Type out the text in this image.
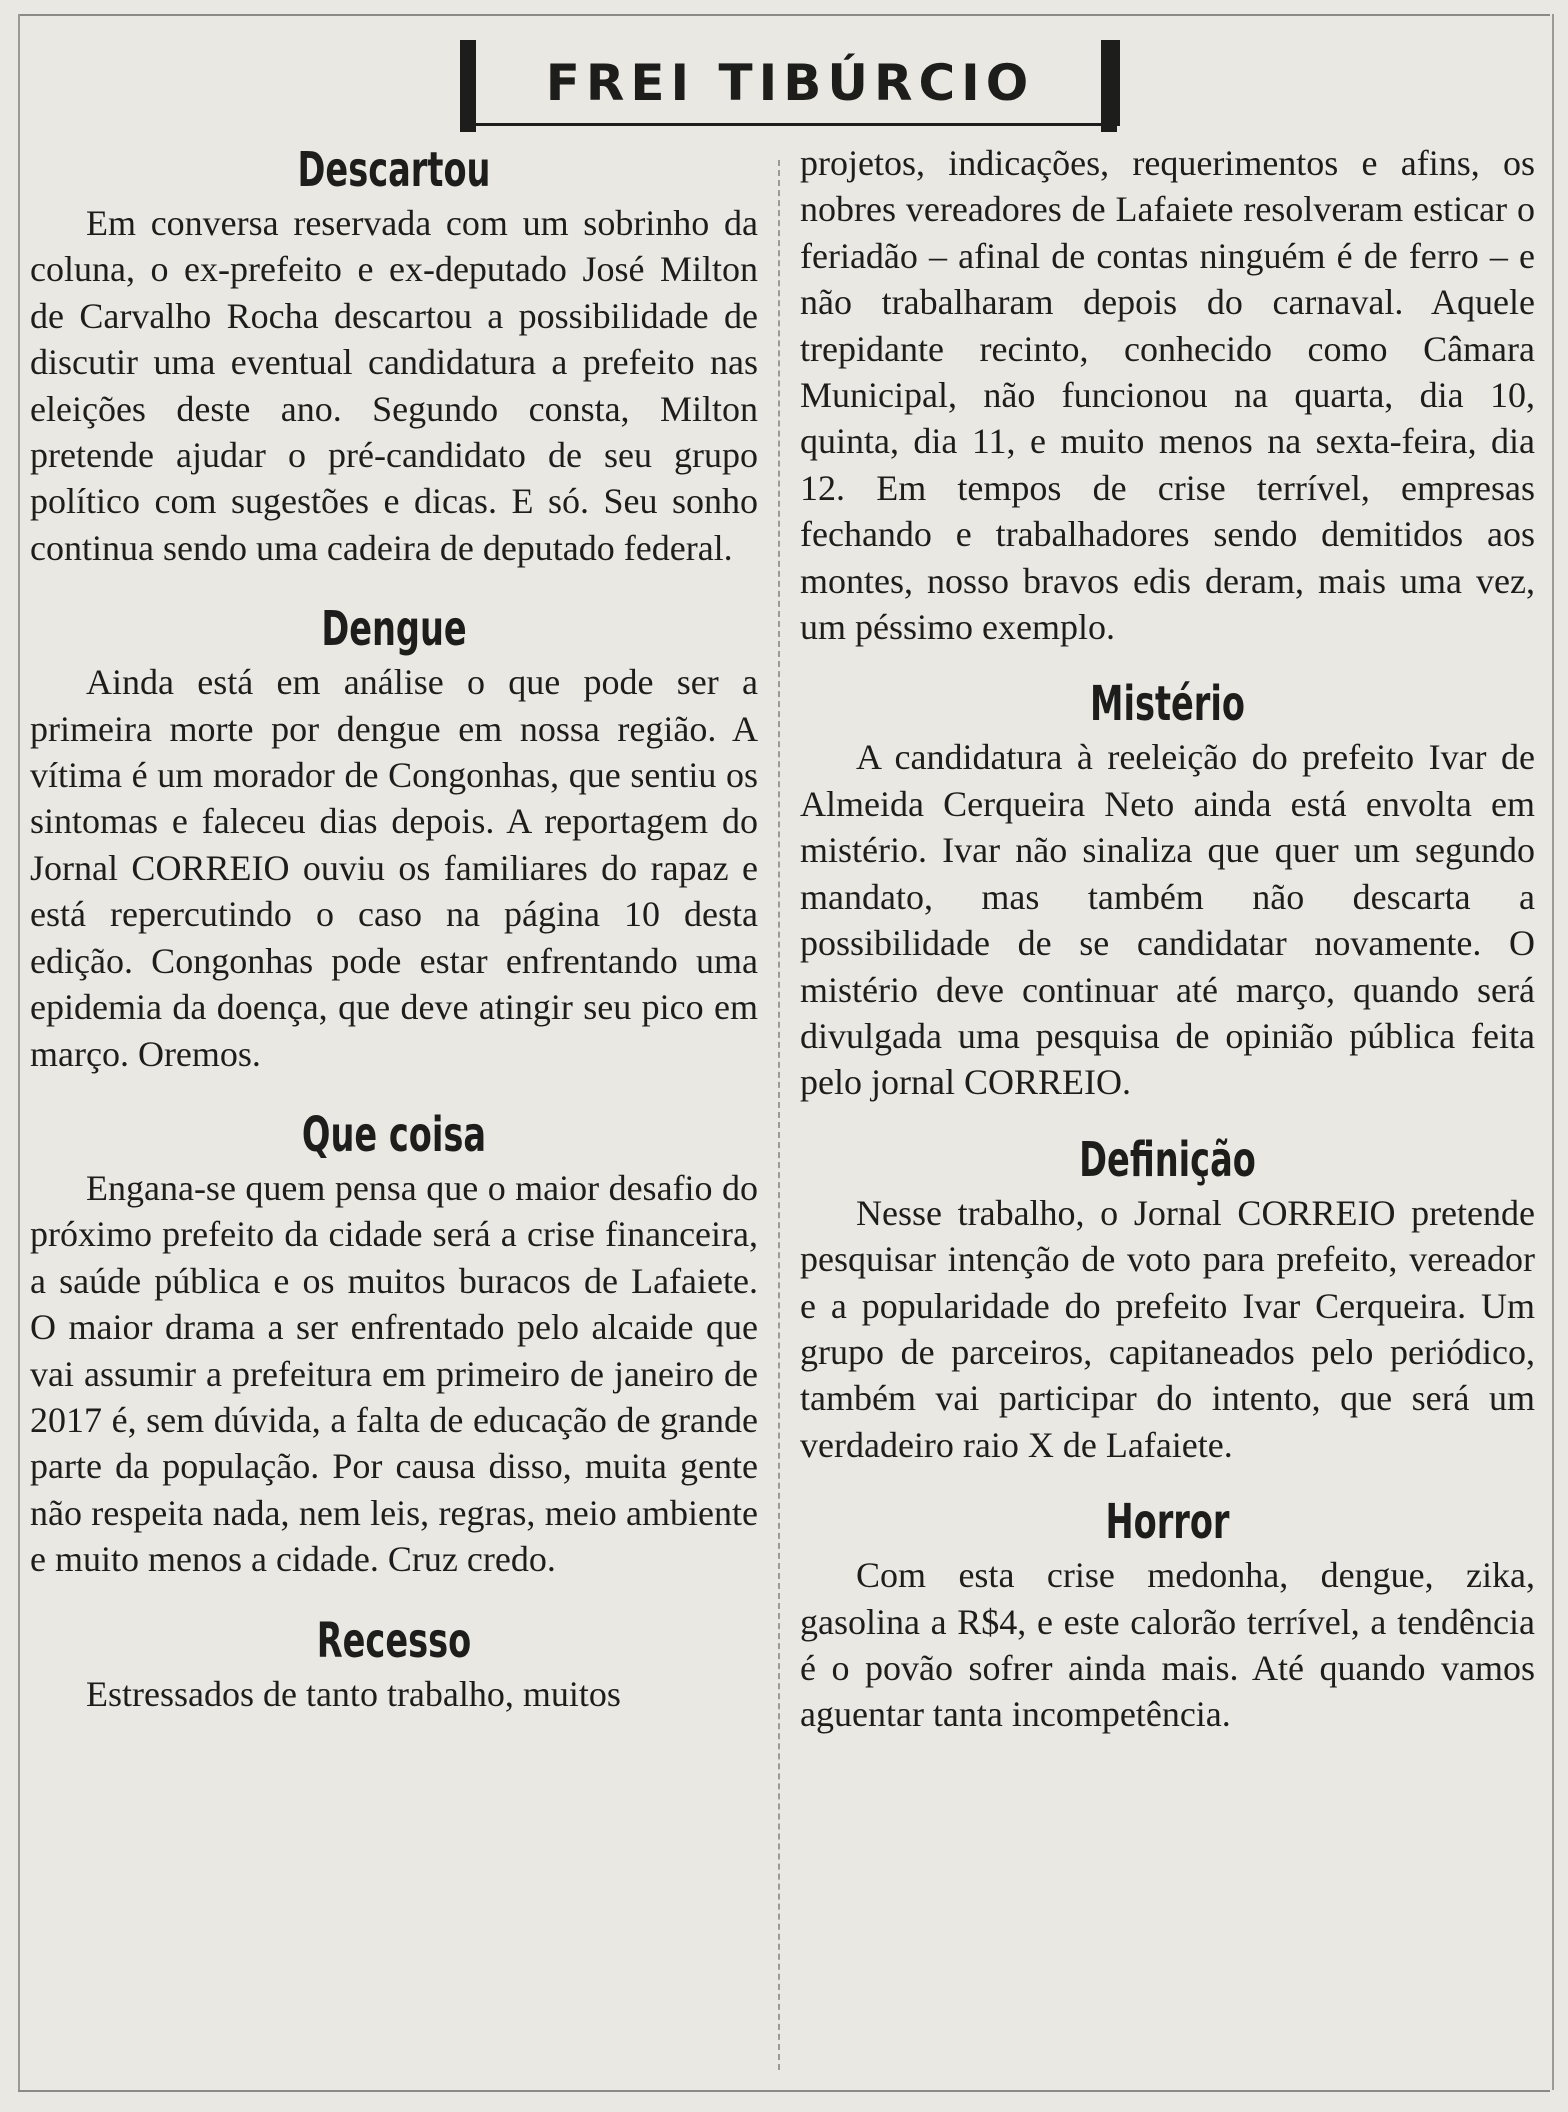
FREI TIBÚRCIO
Descartou

Em conversa reservada com um sobrinho da coluna, o ex-prefeito e ex-deputado José Milton de Carvalho Rocha descartou a possibilidade de discutir uma eventual candidatura a prefeito nas eleições deste ano. Segundo consta, Milton pretende ajudar o pré-candidato de seu grupo político com sugestões e dicas. E só. Seu sonho continua sendo uma cadeira de deputado federal.

Dengue

Ainda está em análise o que pode ser a primeira morte por dengue em nossa região. A vítima é um morador de Congonhas, que sentiu os sintomas e faleceu dias depois. A reportagem do Jornal CORREIO ouviu os familiares do rapaz e está repercutindo o caso na página 10 desta edição. Congonhas pode estar enfrentando uma epidemia da doença, que deve atingir seu pico em março. Oremos.

Que coisa

Engana-se quem pensa que o maior desafio do próximo prefeito da cidade será a crise financeira, a saúde pública e os muitos buracos de Lafaiete. O maior drama a ser enfrentado pelo alcaide que vai assumir a prefeitura em primeiro de janeiro de 2017 é, sem dúvida, a falta de educação de grande parte da população. Por causa disso, muita gente não respeita nada, nem leis, regras, meio ambiente e muito menos a cidade. Cruz credo.

Recesso

Estressados de tanto trabalho, muitos

projetos, indicações, requerimentos e afins, os nobres vereadores de Lafaiete resolveram esticar o feriadão – afinal de contas ninguém é de ferro – e não trabalharam depois do carnaval. Aquele trepidante recinto, conhecido como Câmara Municipal, não funcionou na quarta, dia 10, quinta, dia 11, e muito menos na sexta-feira, dia 12. Em tempos de crise terrível, empresas fechando e trabalhadores sendo demitidos aos montes, nosso bravos edis deram, mais uma vez, um péssimo exemplo.

Mistério

A candidatura à reeleição do prefeito Ivar de Almeida Cerqueira Neto ainda está envolta em mistério. Ivar não sinaliza que quer um segundo mandato, mas também não descarta a possibilidade de se candidatar novamente. O mistério deve continuar até março, quando será divulgada uma pesquisa de opinião pública feita pelo jornal CORREIO.

Definição

Nesse trabalho, o Jornal CORREIO pretende pesquisar intenção de voto para prefeito, vereador e a popularidade do prefeito Ivar Cerqueira. Um grupo de parceiros, capitaneados pelo periódico, também vai participar do intento, que será um verdadeiro raio X de Lafaiete.

Horror

Com esta crise medonha, dengue, zika, gasolina a R$4, e este calorão terrível, a tendência é o povão sofrer ainda mais. Até quando vamos aguentar tanta incompetência.
